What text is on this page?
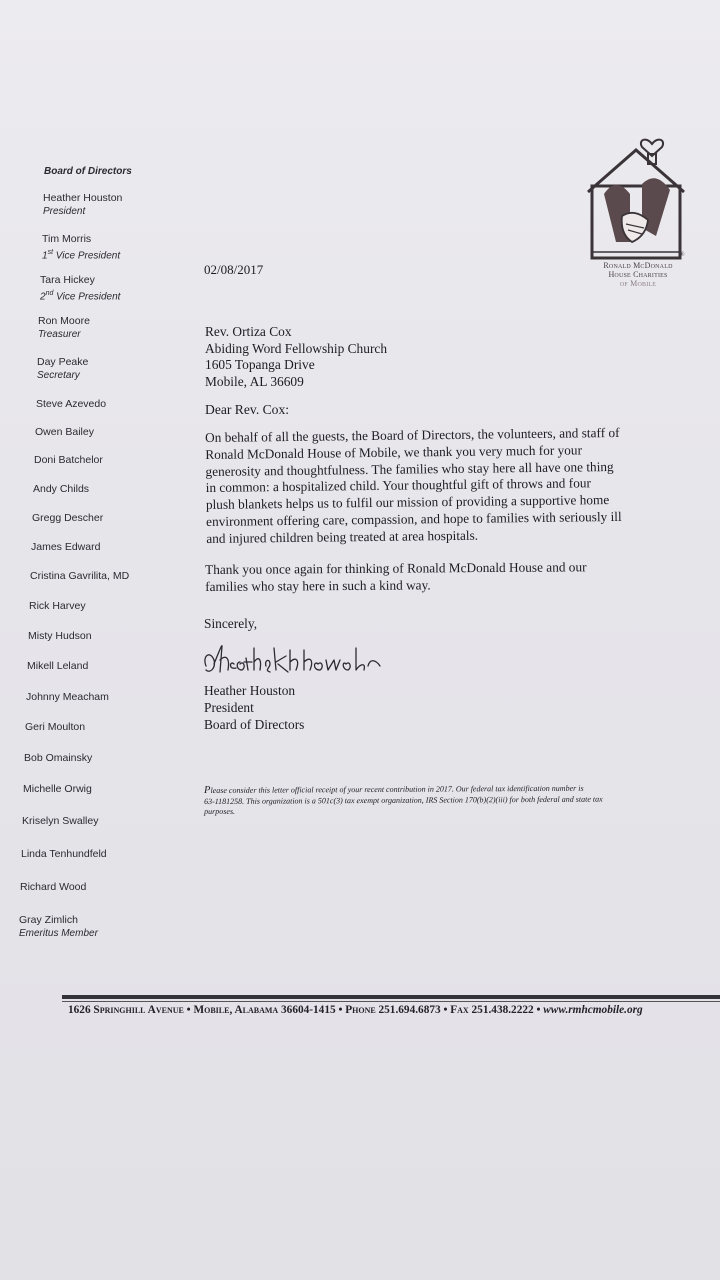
Board of Directors
Heather Houston
President
Tim Morris
1st Vice President
Tara Hickey
2nd Vice President
Ron Moore
Treasurer
Day Peake
Secretary
Steve Azevedo
Owen Bailey
Doni Batchelor
Andy Childs
Gregg Descher
James Edward
Cristina Gavrilita, MD
Rick Harvey
Misty Hudson
Mikell Leland
Johnny Meacham
Geri Moulton
Bob Omainsky
Michelle Orwig
Kriselyn Swalley
Linda Tenhundfeld
Richard Wood
Gray Zimlich
Emeritus Member
®
Ronald McDonald
House Charities
of Mobile
02/08/2017
Rev. Ortiza Cox
Abiding Word Fellowship Church
1605 Topanga Drive
Mobile, AL 36609
Dear Rev. Cox:
On behalf of all the guests, the Board of Directors, the volunteers, and staff of
Ronald McDonald House of Mobile, we thank you very much for your
generosity and thoughtfulness. The families who stay here all have one thing
in common: a hospitalized child. Your thoughtful gift of throws and four
plush blankets helps us to fulfil our mission of providing a supportive home
environment offering care, compassion, and hope to families with seriously ill
and injured children being treated at area hospitals.
Thank you once again for thinking of Ronald McDonald House and our
families who stay here in such a kind way.
Sincerely,
Heather Houston
President
Board of Directors
Please consider this letter official receipt of your recent contribution in 2017. Our federal tax identification number is
63-1181258. This organization is a 501c(3) tax exempt organization, IRS Section 170(b)(2)(iii) for both federal and state tax
purposes.
1626 Springhill Avenue • Mobile, Alabama 36604-1415 • Phone 251.694.6873 • Fax 251.438.2222 • www.rmhcmobile.org
